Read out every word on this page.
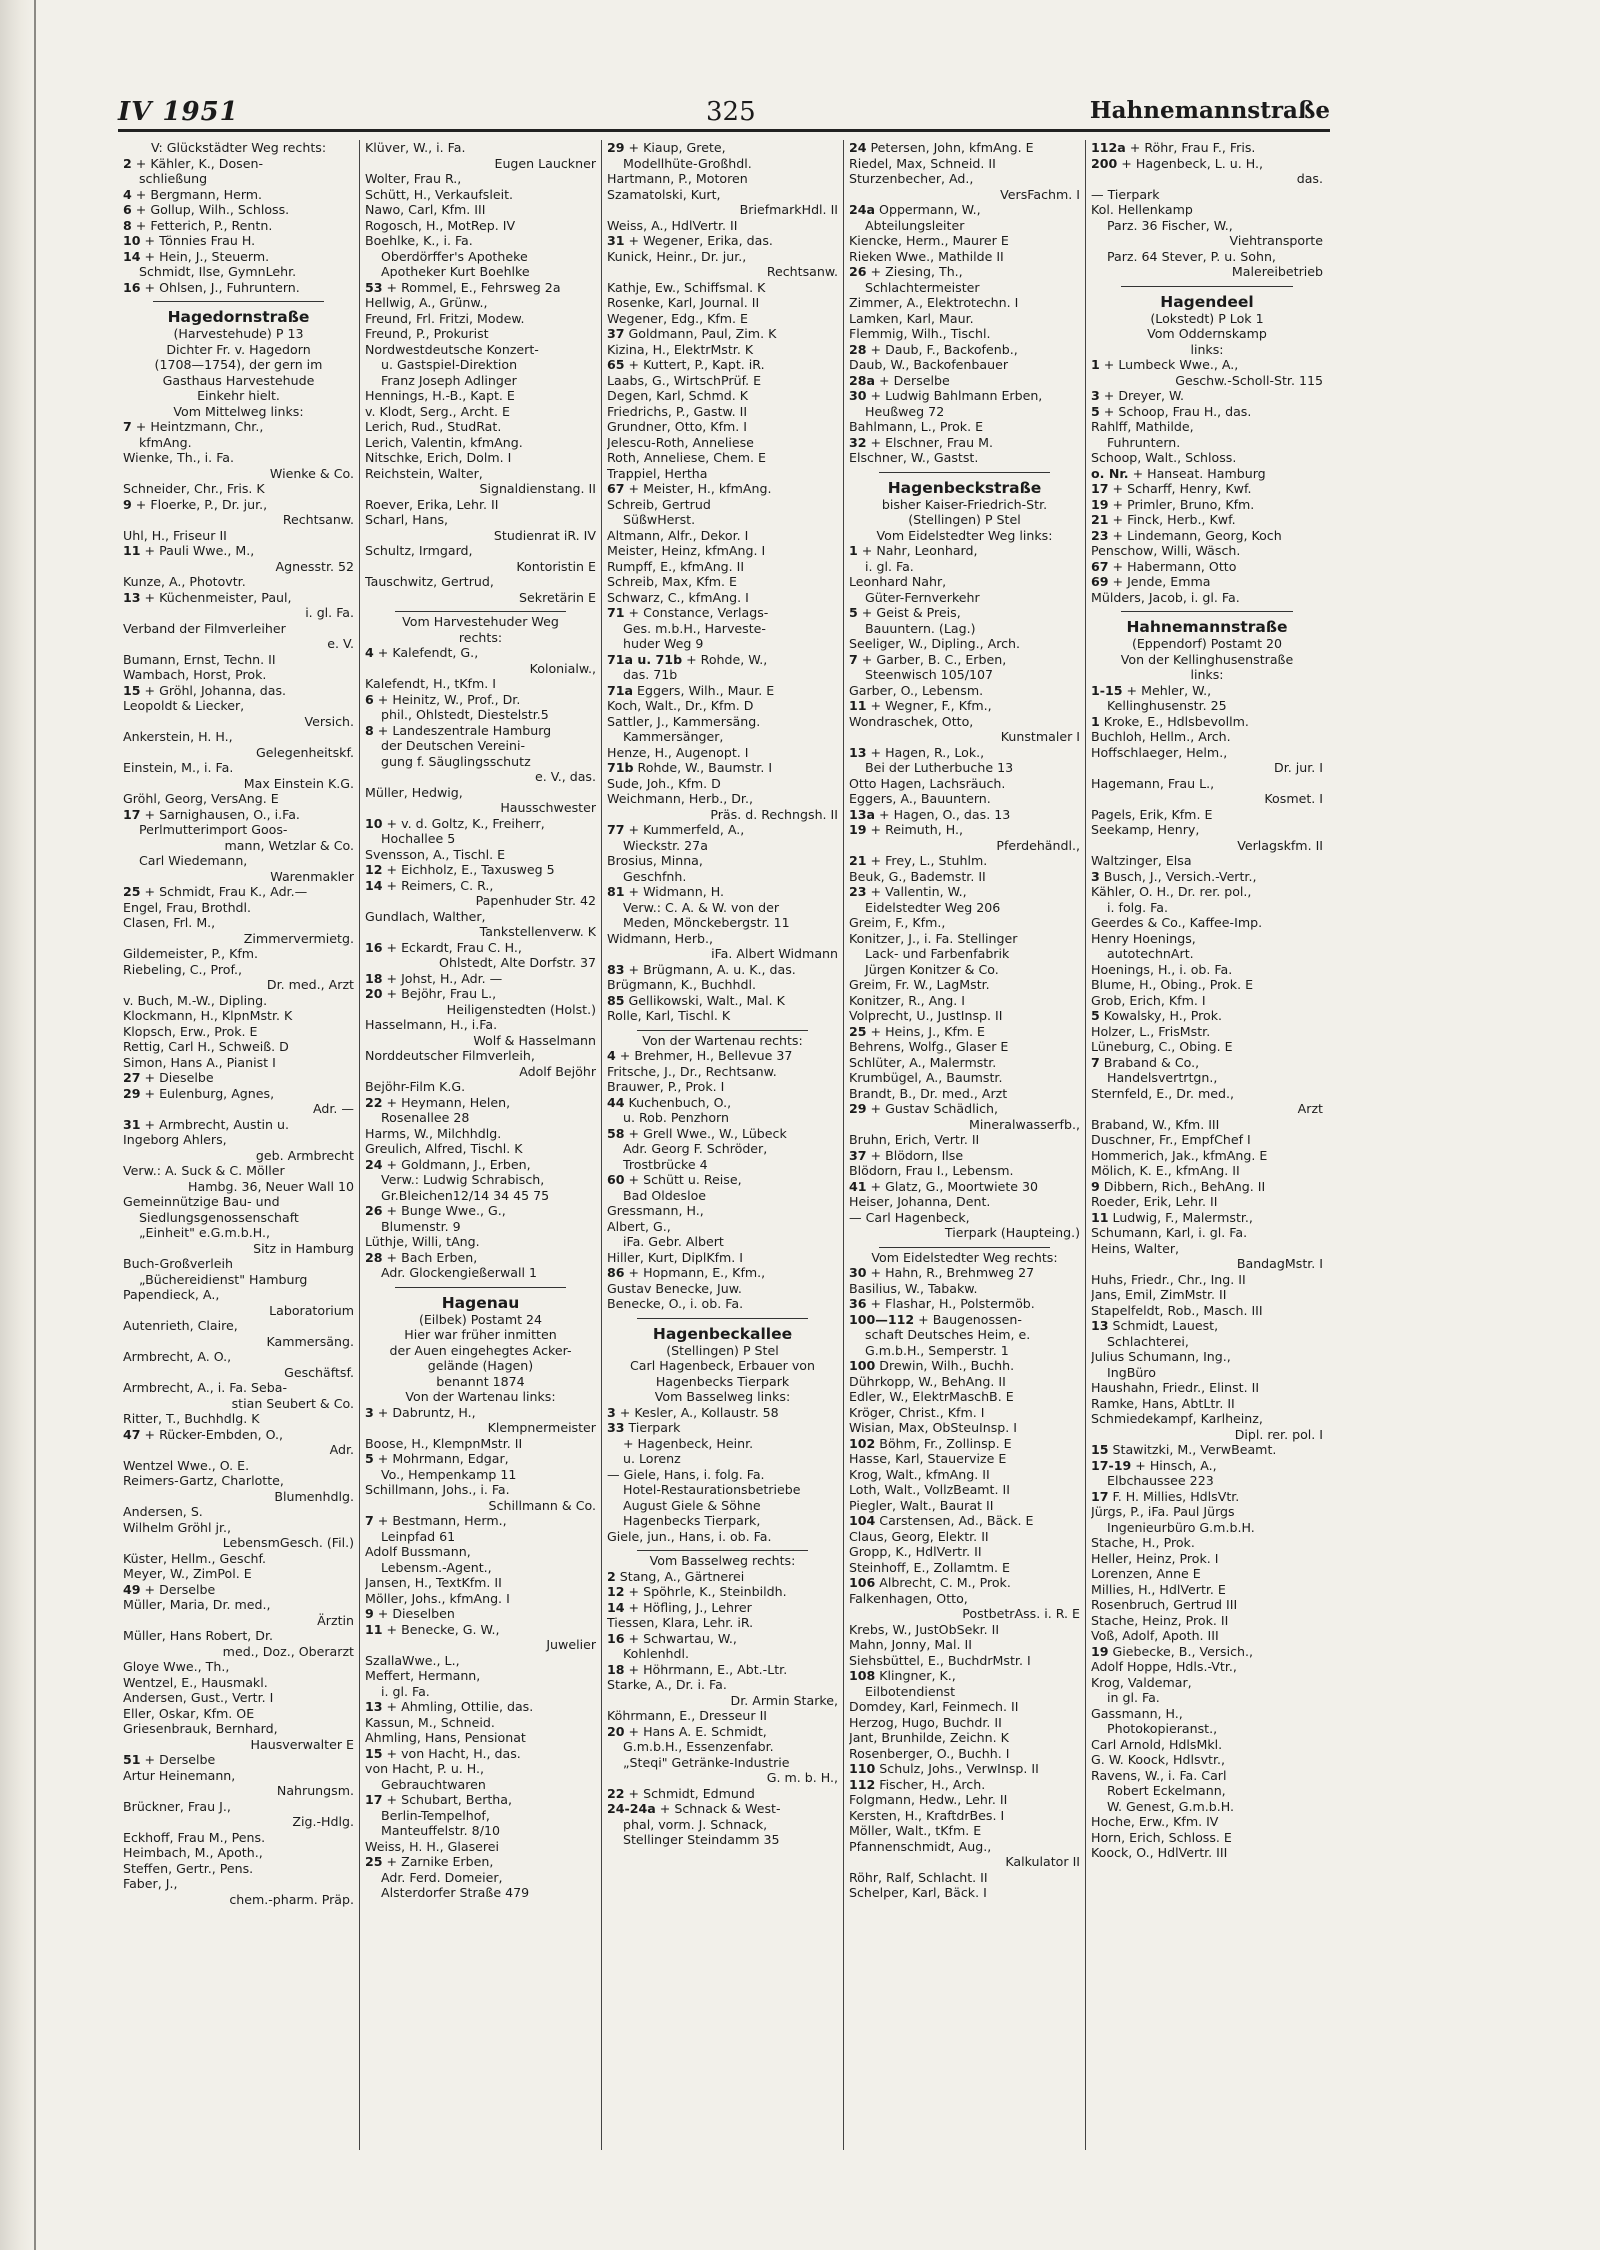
IV 1951	325	Hahnemannstraße
V: Glückstädter Weg rechts:
2 + Kähler, K., Dosen-
schließung
4 + Bergmann, Herm.
6 + Gollup, Wilh., Schloss.
8 + Fetterich, P., Rentn.
10 + Tönnies Frau H.
14 + Hein, J., Steuerm.
Schmidt, Ilse, GymnLehr.
16 + Ohlsen, J., Fuhruntern.
Hagedornstraße
(Harvestehude) P 13
Dichter Fr. v. Hagedorn
(1708—1754), der gern im
Gasthaus Harvestehude
Einkehr hielt.
Vom Mittelweg links:
7 + Heintzmann, Chr.,
kfmAng.
Wienke, Th., i. Fa.
Wienke & Co.
Schneider, Chr., Fris. K
9 + Floerke, P., Dr. jur.,
Rechtsanw.
Uhl, H., Friseur II
11 + Pauli Wwe., M.,
Agnesstr. 52
Kunze, A., Photovtr.
13 + Küchenmeister, Paul,
i. gl. Fa.
Verband der Filmverleiher
e. V.
Bumann, Ernst, Techn. II
Wambach, Horst, Prok.
15 + Gröhl, Johanna, das.
Leopoldt & Liecker,
Versich.
Ankerstein, H. H.,
Gelegenheitskf.
Einstein, M., i. Fa.
Max Einstein K.G.
Gröhl, Georg, VersAng. E
17 + Sarnighausen, O., i.Fa.
Perlmutterimport Goos-
mann, Wetzlar & Co.
Carl Wiedemann,
Warenmakler
25 + Schmidt, Frau K., Adr.—
Engel, Frau, Brothdl.
Clasen, Frl. M.,
Zimmervermietg.
Gildemeister, P., Kfm.
Riebeling, C., Prof.,
Dr. med., Arzt
v. Buch, M.-W., Dipling.
Klockmann, H., KlpnMstr. K
Klopsch, Erw., Prok. E
Rettig, Carl H., Schweiß. D
Simon, Hans A., Pianist I
27 + Dieselbe
29 + Eulenburg, Agnes,
Adr. —
31 + Armbrecht, Austin u.
Ingeborg Ahlers,
geb. Armbrecht
Verw.: A. Suck & C. Möller
Hambg. 36, Neuer Wall 10
Gemeinnützige Bau- und
Siedlungsgenossenschaft
„Einheit" e.G.m.b.H.,
Sitz in Hamburg
Buch-Großverleih
„Büchereidienst" Hamburg
Papendieck, A.,
Laboratorium
Autenrieth, Claire,
Kammersäng.
Armbrecht, A. O.,
Geschäftsf.
Armbrecht, A., i. Fa. Seba-
stian Seubert & Co.
Ritter, T., Buchhdlg. K
47 + Rücker-Embden, O.,
Adr.
Wentzel Wwe., O. E.
Reimers-Gartz, Charlotte,
Blumenhdlg.
Andersen, S.
Wilhelm Gröhl jr.,
LebensmGesch. (Fil.)
Küster, Hellm., Geschf.
Meyer, W., ZimPol. E
49 + Derselbe
Müller, Maria, Dr. med.,
Ärztin
Müller, Hans Robert, Dr.
med., Doz., Oberarzt
Gloye Wwe., Th.,
Wentzel, E., Hausmakl.
Andersen, Gust., Vertr. I
Eller, Oskar, Kfm. OE
Griesenbrauk, Bernhard,
Hausverwalter E
51 + Derselbe
Artur Heinemann,
Nahrungsm.
Brückner, Frau J.,
Zig.-Hdlg.
Eckhoff, Frau M., Pens.
Heimbach, M., Apoth.,
Steffen, Gertr., Pens.
Faber, J.,
chem.-pharm. Präp.
Klüver, W., i. Fa.
Eugen Lauckner
Wolter, Frau R.,
Schütt, H., Verkaufsleit.
Nawo, Carl, Kfm. III
Rogosch, H., MotRep. IV
Boehlke, K., i. Fa.
Oberdörffer's Apotheke
Apotheker Kurt Boehlke
53 + Rommel, E., Fehrsweg 2a
Hellwig, A., Grünw.,
Freund, Frl. Fritzi, Modew.
Freund, P., Prokurist
Nordwestdeutsche Konzert-
u. Gastspiel-Direktion
Franz Joseph Adlinger
Hennings, H.-B., Kapt. E
v. Klodt, Serg., Archt. E
Lerich, Rud., StudRat.
Lerich, Valentin, kfmAng.
Nitschke, Erich, Dolm. I
Reichstein, Walter,
Signaldienstang. II
Roever, Erika, Lehr. II
Scharl, Hans,
Studienrat iR. IV
Schultz, Irmgard,
Kontoristin E
Tauschwitz, Gertrud,
Sekretärin E
Vom Harvestehuder Weg
rechts:
4 + Kalefendt, G.,
Kolonialw.,
Kalefendt, H., tKfm. I
6 + Heinitz, W., Prof., Dr.
phil., Ohlstedt, Diestelstr.5
8 + Landeszentrale Hamburg
der Deutschen Vereini-
gung f. Säuglingsschutz
e. V., das.
Müller, Hedwig,
Hausschwester
10 + v. d. Goltz, K., Freiherr,
Hochallee 5
Svensson, A., Tischl. E
12 + Eichholz, E., Taxusweg 5
14 + Reimers, C. R.,
Papenhuder Str. 42
Gundlach, Walther,
Tankstellenverw. K
16 + Eckardt, Frau C. H.,
Ohlstedt, Alte Dorfstr. 37
18 + Johst, H., Adr. —
20 + Bejöhr, Frau L.,
Heiligenstedten (Holst.)
Hasselmann, H., i.Fa.
Wolf & Hasselmann
Norddeutscher Filmverleih,
Adolf Bejöhr
Bejöhr-Film K.G.
22 + Heymann, Helen,
Rosenallee 28
Harms, W., Milchhdlg.
Greulich, Alfred, Tischl. K
24 + Goldmann, J., Erben,
Verw.: Ludwig Schrabisch,
Gr.Bleichen12/14 34 45 75
26 + Bunge Wwe., G.,
Blumenstr. 9
Lüthje, Willi, tAng.
28 + Bach Erben,
Adr. Glockengießerwall 1
Hagenau
(Eilbek) Postamt 24
Hier war früher inmitten
der Auen eingehegtes Acker-
gelände (Hagen)
benannt 1874
Von der Wartenau links:
3 + Dabruntz, H.,
Klempnermeister
Boose, H., KlempnMstr. II
5 + Mohrmann, Edgar,
Vo., Hempenkamp 11
Schillmann, Johs., i. Fa.
Schillmann & Co.
7 + Bestmann, Herm.,
Leinpfad 61
Adolf Bussmann,
Lebensm.-Agent.,
Jansen, H., TextKfm. II
Möller, Johs., kfmAng. I
9 + Dieselben
11 + Benecke, G. W.,
Juwelier
SzallaWwe., L.,
Meffert, Hermann,
i. gl. Fa.
13 + Ahmling, Ottilie, das.
Kassun, M., Schneid.
Ahmling, Hans, Pensionat
15 + von Hacht, H., das.
von Hacht, P. u. H.,
Gebrauchtwaren
17 + Schubart, Bertha,
Berlin-Tempelhof,
Manteuffelstr. 8/10
Weiss, H. H., Glaserei
25 + Zarnike Erben,
Adr. Ferd. Domeier,
Alsterdorfer Straße 479
29 + Kiaup, Grete,
Modellhüte-Großhdl.
Hartmann, P., Motoren
Szamatolski, Kurt,
BriefmarkHdl. II
Weiss, A., HdlVertr. II
31 + Wegener, Erika, das.
Kunick, Heinr., Dr. jur.,
Rechtsanw.
Kathje, Ew., Schiffsmal. K
Rosenke, Karl, Journal. II
Wegener, Edg., Kfm. E
37 Goldmann, Paul, Zim. K
Kizina, H., ElektrMstr. K
65 + Kuttert, P., Kapt. iR.
Laabs, G., WirtschPrüf. E
Degen, Karl, Schmd. K
Friedrichs, P., Gastw. II
Grundner, Otto, Kfm. I
Jelescu-Roth, Anneliese
Roth, Anneliese, Chem. E
Trappiel, Hertha
67 + Meister, H., kfmAng.
Schreib, Gertrud
SüßwHerst.
Altmann, Alfr., Dekor. I
Meister, Heinz, kfmAng. I
Rumpff, E., kfmAng. II
Schreib, Max, Kfm. E
Schwarz, C., kfmAng. I
71 + Constance, Verlags-
Ges. m.b.H., Harveste-
huder Weg 9
71a u. 71b + Rohde, W.,
das. 71b
71a Eggers, Wilh., Maur. E
Koch, Walt., Dr., Kfm. D
Sattler, J., Kammersäng.
Kammersänger,
Henze, H., Augenopt. I
71b Rohde, W., Baumstr. I
Sude, Joh., Kfm. D
Weichmann, Herb., Dr.,
Präs. d. Rechngsh. II
77 + Kummerfeld, A.,
Wieckstr. 27a
Brosius, Minna,
Geschfnh.
81 + Widmann, H.
Verw.: C. A. & W. von der
Meden, Mönckebergstr. 11
Widmann, Herb.,
iFa. Albert Widmann
83 + Brügmann, A. u. K., das.
Brügmann, K., Buchhdl.
85 Gellikowski, Walt., Mal. K
Rolle, Karl, Tischl. K
Von der Wartenau rechts:
4 + Brehmer, H., Bellevue 37
Fritsche, J., Dr., Rechtsanw.
Brauwer, P., Prok. I
44 Kuchenbuch, O.,
u. Rob. Penzhorn
58 + Grell Wwe., W., Lübeck
Adr. Georg F. Schröder,
Trostbrücke 4
60 + Schütt u. Reise,
Bad Oldesloe
Gressmann, H.,
Albert, G.,
iFa. Gebr. Albert
Hiller, Kurt, DiplKfm. I
86 + Hopmann, E., Kfm.,
Gustav Benecke, Juw.
Benecke, O., i. ob. Fa.
Hagenbeckallee
(Stellingen) P Stel
Carl Hagenbeck, Erbauer von
Hagenbecks Tierpark
Vom Basselweg links:
3 + Kesler, A., Kollaustr. 58
33 Tierpark
+ Hagenbeck, Heinr.
u. Lorenz
— Giele, Hans, i. folg. Fa.
Hotel-Restaurationsbetriebe
August Giele & Söhne
Hagenbecks Tierpark,
Giele, jun., Hans, i. ob. Fa.
Vom Basselweg rechts:
2 Stang, A., Gärtnerei
12 + Spöhrle, K., Steinbildh.
14 + Höfling, J., Lehrer
Tiessen, Klara, Lehr. iR.
16 + Schwartau, W.,
Kohlenhdl.
18 + Höhrmann, E., Abt.-Ltr.
Starke, A., Dr. i. Fa.
Dr. Armin Starke,
Köhrmann, E., Dresseur II
20 + Hans A. E. Schmidt,
G.m.b.H., Essenzenfabr.
„Steqi" Getränke-Industrie
G. m. b. H.,
22 + Schmidt, Edmund
24-24a + Schnack & West-
phal, vorm. J. Schnack,
Stellinger Steindamm 35
24 Petersen, John, kfmAng. E
Riedel, Max, Schneid. II
Sturzenbecher, Ad.,
VersFachm. I
24a Oppermann, W.,
Abteilungsleiter
Kiencke, Herm., Maurer E
Rieken Wwe., Mathilde II
26 + Ziesing, Th.,
Schlachtermeister
Zimmer, A., Elektrotechn. I
Lamken, Karl, Maur.
Flemmig, Wilh., Tischl.
28 + Daub, F., Backofenb.,
Daub, W., Backofenbauer
28a + Derselbe
30 + Ludwig Bahlmann Erben,
Heußweg 72
Bahlmann, L., Prok. E
32 + Elschner, Frau M.
Elschner, W., Gastst.
Hagenbeckstraße
bisher Kaiser-Friedrich-Str.
(Stellingen) P Stel
Vom Eidelstedter Weg links:
1 + Nahr, Leonhard,
i. gl. Fa.
Leonhard Nahr,
Güter-Fernverkehr
5 + Geist & Preis,
Bauuntern. (Lag.)
Seeliger, W., Dipling., Arch.
7 + Garber, B. C., Erben,
Steenwisch 105/107
Garber, O., Lebensm.
11 + Wegner, F., Kfm.,
Wondraschek, Otto,
Kunstmaler I
13 + Hagen, R., Lok.,
Bei der Lutherbuche 13
Otto Hagen, Lachsräuch.
Eggers, A., Bauuntern.
13a + Hagen, O., das. 13
19 + Reimuth, H.,
Pferdehändl.,
21 + Frey, L., Stuhlm.
Beuk, G., Bademstr. II
23 + Vallentin, W.,
Eidelstedter Weg 206
Greim, F., Kfm.,
Konitzer, J., i. Fa. Stellinger
Lack- und Farbenfabrik
Jürgen Konitzer & Co.
Greim, Fr. W., LagMstr.
Konitzer, R., Ang. I
Volprecht, U., JustInsp. II
25 + Heins, J., Kfm. E
Behrens, Wolfg., Glaser E
Schlüter, A., Malermstr.
Krumbügel, A., Baumstr.
Brandt, B., Dr. med., Arzt
29 + Gustav Schädlich,
Mineralwasserfb.,
Bruhn, Erich, Vertr. II
37 + Blödorn, Ilse
Blödorn, Frau I., Lebensm.
41 + Glatz, G., Moortwiete 30
Heiser, Johanna, Dent.
— Carl Hagenbeck,
Tierpark (Haupteing.)
Vom Eidelstedter Weg rechts:
30 + Hahn, R., Brehmweg 27
Basilius, W., Tabakw.
36 + Flashar, H., Polstermöb.
100—112 + Baugenossen-
schaft Deutsches Heim, e.
G.m.b.H., Semperstr. 1
100 Drewin, Wilh., Buchh.
Dührkopp, W., BehAng. II
Edler, W., ElektrMaschB. E
Kröger, Christ., Kfm. I
Wisian, Max, ObSteuInsp. I
102 Böhm, Fr., Zollinsp. E
Hasse, Karl, Stauervize E
Krog, Walt., kfmAng. II
Loth, Walt., VollzBeamt. II
Piegler, Walt., Baurat II
104 Carstensen, Ad., Bäck. E
Claus, Georg, Elektr. II
Gropp, K., HdlVertr. II
Steinhoff, E., Zollamtm. E
106 Albrecht, C. M., Prok.
Falkenhagen, Otto,
PostbetrAss. i. R. E
Krebs, W., JustObSekr. II
Mahn, Jonny, Mal. II
Siehsbüttel, E., BuchdrMstr. I
108 Klingner, K.,
Eilbotendienst
Domdey, Karl, Feinmech. II
Herzog, Hugo, Buchdr. II
Jant, Brunhilde, Zeichn. K
Rosenberger, O., Buchh. I
110 Schulz, Johs., VerwInsp. II
112 Fischer, H., Arch.
Folgmann, Hedw., Lehr. II
Kersten, H., KraftdrBes. I
Möller, Walt., tKfm. E
Pfannenschmidt, Aug.,
Kalkulator II
Röhr, Ralf, Schlacht. II
Schelper, Karl, Bäck. I
112a + Röhr, Frau F., Fris.
200 + Hagenbeck, L. u. H.,
das.
— Tierpark
Kol. Hellenkamp
Parz. 36 Fischer, W.,
Viehtransporte
Parz. 64 Stever, P. u. Sohn,
Malereibetrieb
Hagendeel
(Lokstedt) P Lok 1
Vom Oddernskamp
links:
1 + Lumbeck Wwe., A.,
Geschw.-Scholl-Str. 115
3 + Dreyer, W.
5 + Schoop, Frau H., das.
Rahlff, Mathilde,
Fuhruntern.
Schoop, Walt., Schloss.
o. Nr. + Hanseat. Hamburg
17 + Scharff, Henry, Kwf.
19 + Primler, Bruno, Kfm.
21 + Finck, Herb., Kwf.
23 + Lindemann, Georg, Koch
Penschow, Willi, Wäsch.
67 + Habermann, Otto
69 + Jende, Emma
Mülders, Jacob, i. gl. Fa.
Hahnemannstraße
(Eppendorf) Postamt 20
Von der Kellinghusenstraße
links:
1-15 + Mehler, W.,
Kellinghusenstr. 25
1 Kroke, E., Hdlsbevollm.
Buchloh, Hellm., Arch.
Hoffschlaeger, Helm.,
Dr. jur. I
Hagemann, Frau L.,
Kosmet. I
Pagels, Erik, Kfm. E
Seekamp, Henry,
Verlagskfm. II
Waltzinger, Elsa
3 Busch, J., Versich.-Vertr.,
Kähler, O. H., Dr. rer. pol.,
i. folg. Fa.
Geerdes & Co., Kaffee-Imp.
Henry Hoenings,
autotechnArt.
Hoenings, H., i. ob. Fa.
Blume, H., Obing., Prok. E
Grob, Erich, Kfm. I
5 Kowalsky, H., Prok.
Holzer, L., FrisMstr.
Lüneburg, C., Obing. E
7 Braband & Co.,
Handelsvertrtgn.,
Sternfeld, E., Dr. med.,
Arzt
Braband, W., Kfm. III
Duschner, Fr., EmpfChef I
Hommerich, Jak., kfmAng. E
Mölich, K. E., kfmAng. II
9 Dibbern, Rich., BehAng. II
Roeder, Erik, Lehr. II
11 Ludwig, F., Malermstr.,
Schumann, Karl, i. gl. Fa.
Heins, Walter,
BandagMstr. I
Huhs, Friedr., Chr., Ing. II
Jans, Emil, ZimMstr. II
Stapelfeldt, Rob., Masch. III
13 Schmidt, Lauest,
Schlachterei,
Julius Schumann, Ing.,
IngBüro
Haushahn, Friedr., Elinst. II
Ramke, Hans, AbtLtr. II
Schmiedekampf, Karlheinz,
Dipl. rer. pol. I
15 Stawitzki, M., VerwBeamt.
17-19 + Hinsch, A.,
Elbchaussee 223
17 F. H. Millies, HdlsVtr.
Jürgs, P., iFa. Paul Jürgs
Ingenieurbüro G.m.b.H.
Stache, H., Prok.
Heller, Heinz, Prok. I
Lorenzen, Anne E
Millies, H., HdlVertr. E
Rosenbruch, Gertrud III
Stache, Heinz, Prok. II
Voß, Adolf, Apoth. III
19 Giebecke, B., Versich.,
Adolf Hoppe, Hdls.-Vtr.,
Krog, Valdemar,
in gl. Fa.
Gassmann, H.,
Photokopieranst.,
Carl Arnold, HdlsMkl.
G. W. Koock, Hdlsvtr.,
Ravens, W., i. Fa. Carl
Robert Eckelmann,
W. Genest, G.m.b.H.
Hoche, Erw., Kfm. IV
Horn, Erich, Schloss. E
Koock, O., HdlVertr. III
